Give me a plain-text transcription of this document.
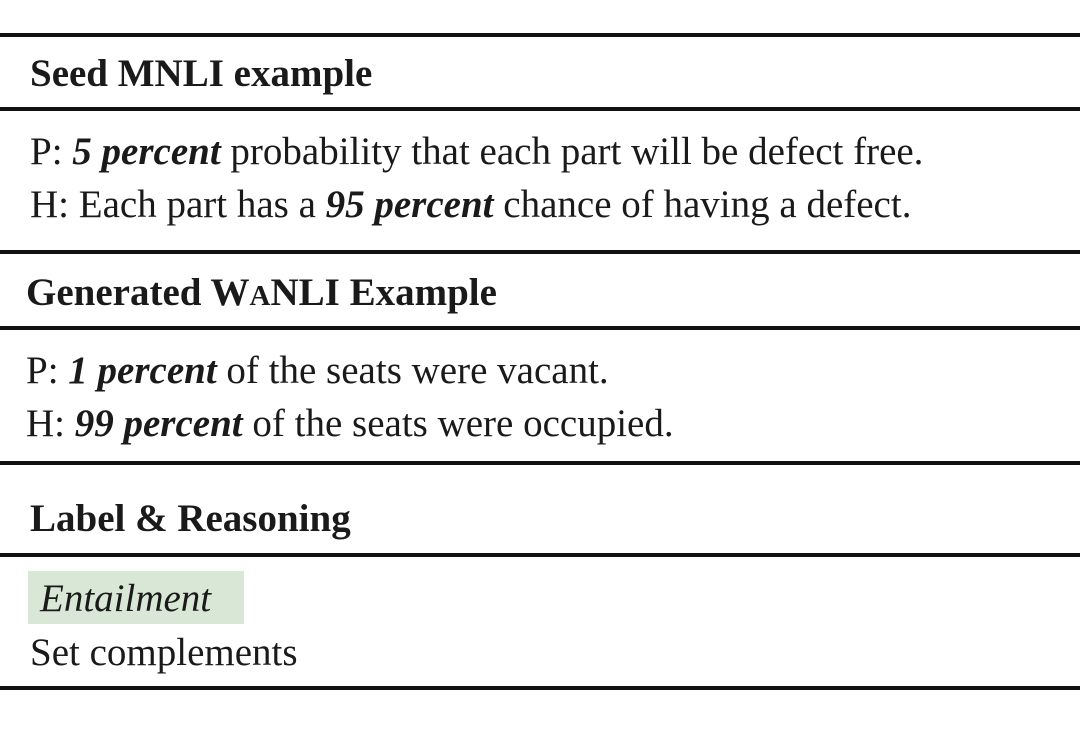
Seed MNLI example
P: 5 percent probability that each part will be defect free.
H: Each part has a 95 percent chance of having a defect.
Generated WANLI Example
P: 1 percent of the seats were vacant.
H: 99 percent of the seats were occupied.
Label & Reasoning
Entailment
Set complements
